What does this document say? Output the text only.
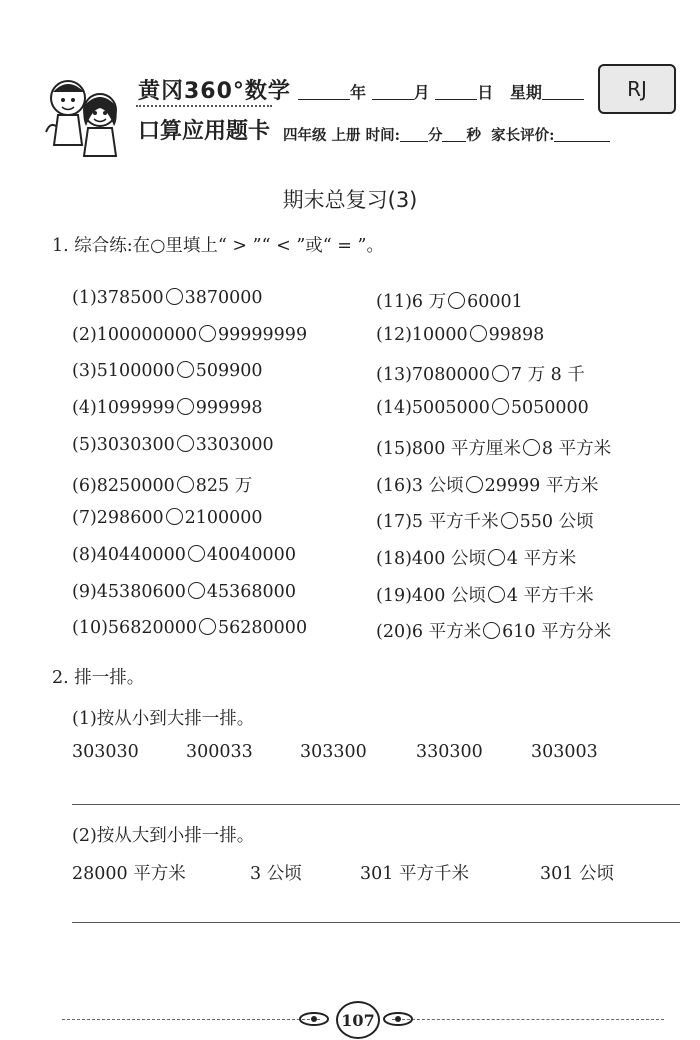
黄冈360°数学
口算应用题卡
年	月	日 星期	RJ
四年级 上册 时间: 分 秒 家长评价:
期末总复习(3)
1. 综合练:在○里填上“ > ”“ < ”或“ = ”。
(1)378500 3870000
(2)100000000 99999999
(3)5100000 509900
(4)1099999 999998
(5)3030300 3303000
(6)8250000 825 万
(7)298600 2100000
(8)40440000 40040000
(9)45380600 45368000
(10)56820000 56280000
(11)6 万 60001
(12)10000 99898
(13)7080000 7 万 8 千
(14)5005000 5050000
(15)800 平方厘米 8 平方米
(16)3 公顷 29999 平方米
(17)5 平方千米 550 公顷
(18)400 公顷 4 平方米
(19)400 公顷 4 平方千米
(20)6 平方米 610 平方分米
2. 排一排。
(1)按从小到大排一排。
303030	300033	303300	330300	303003
(2)按从大到小排一排。
28000 平方米	3 公顷	301 平方千米	301 公顷
107
